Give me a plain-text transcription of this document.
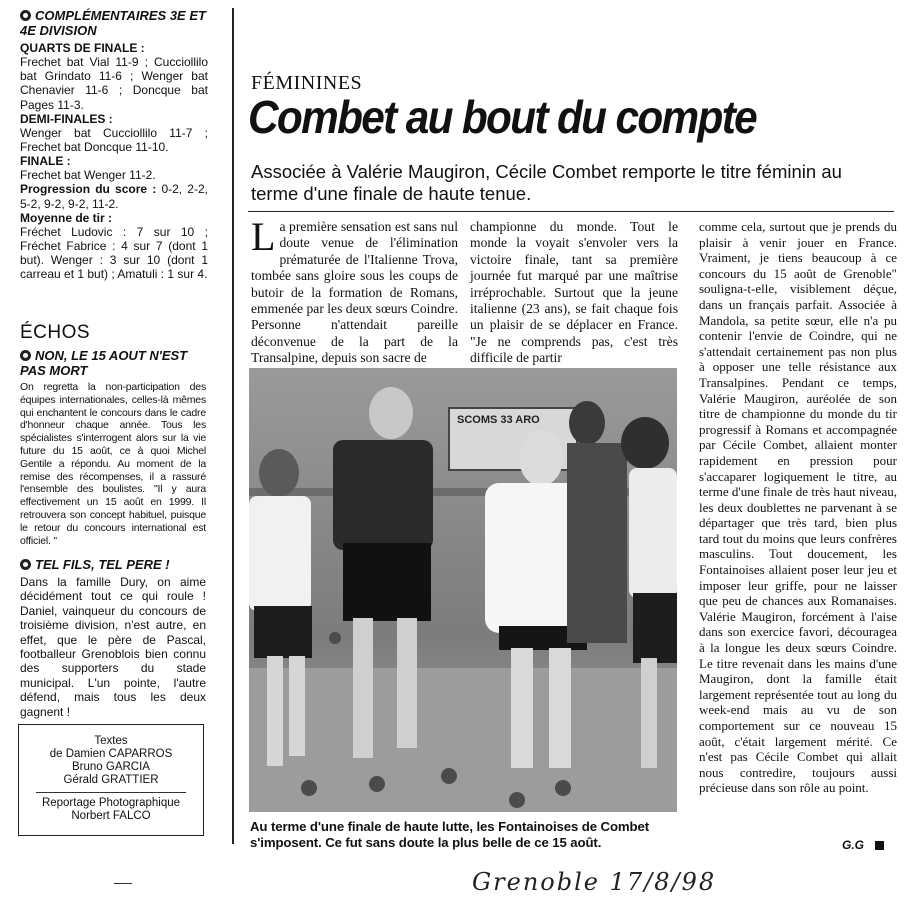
COMPLÉMENTAIRES 3E ET 4E DIVISION
QUARTS DE FINALE :
Frechet bat Vial 11-9 ; Cucciollilo bat Grindato 11-6 ; Wenger bat Chenavier 11-6 ; Doncque bat Pages 11-3.
DEMI-FINALES :
Wenger bat Cucciollilo 11-7 ; Frechet bat Doncque 11-10.
FINALE :
Frechet bat Wenger 11-2.
Progression du score : 0-2, 2-2, 5-2, 9-2, 9-2, 11-2.
Moyenne de tir :
Fréchet Ludovic : 7 sur 10 ; Fréchet Fabrice : 4 sur 7 (dont 1 but). Wenger : 3 sur 10 (dont 1 carreau et 1 but) ; Amatuli : 1 sur 4.
ÉCHOS
NON, LE 15 AOUT N'EST PAS MORT
On regretta la non-participation des équipes internationales, celles-là mêmes qui enchantent le concours dans le cadre d'honneur chaque année. Tous les spécialistes s'interrogent alors sur la vie future du 15 août, ce à quoi Michel Gentile a répondu. Au moment de la remise des récompenses, il a rassuré l'ensemble des boulistes. "Il y aura effectivement un 15 août en 1999. Il retrouvera son concept habituel, puisque le retour du concours international est officiel. "
TEL FILS, TEL PERE !
Dans la famille Dury, on aime décidément tout ce qui roule ! Daniel, vainqueur du concours de troisième division, n'est autre, en effet, que le père de Pascal, footballeur Grenoblois bien connu des supporters du stade municipal. L'un pointe, l'autre défend, mais tous les deux gagnent !
Textes
de Damien CAPARROS
Bruno GARCIA
Gérald GRATTIER
Reportage Photographique
Norbert FALCO
FÉMININES
Combet au bout du compte
Associée à Valérie Maugiron, Cécile Combet remporte le titre féminin au terme d'une finale de haute tenue.
La première sensation est sans nul doute venue de l'élimination prématurée de l'Italienne Trova, tombée sans gloire sous les coups de butoir de la formation de Romans, emmenée par les deux sœurs Coindre. Personne n'attendait pareille déconvenue de la part de la Transalpine, depuis son sacre de
championne du monde. Tout le monde la voyait s'envoler vers la victoire finale, tant sa première journée fut marqué par une maîtrise irréprochable. Surtout que la jeune italienne (23 ans), se fait chaque fois un plaisir de se déplacer en France. "Je ne comprends pas, c'est très difficile de partir
comme cela, surtout que je prends du plaisir à venir jouer en France. Vraiment, je tiens beaucoup à ce concours du 15 août de Grenoble" souligna-t-elle, visiblement déçue, dans un français parfait. Associée à Mandola, sa petite sœur, elle n'a pu contenir l'envie de Coindre, qui ne s'attendait certainement pas non plus à opposer une telle résistance aux Transalpines. Pendant ce temps, Valérie Maugiron, auréolée de son titre de championne du monde du tir progressif à Romans et accompagnée par Cécile Combet, allaient monter rapidement en pression pour s'accaparer logiquement le titre, au terme d'une finale de très haut niveau, les deux doublettes ne parvenant à se départager que très tard, bien plus tard tout du moins que leurs confrères masculins. Tout doucement, les Fontainoises allaient poser leur jeu et imposer leur griffe, pour ne laisser que peu de chances aux Romanaises. Valérie Maugiron, forcément à l'aise dans son exercice favori, découragea à la longue les deux sœurs Coindre. Le titre revenait dans les mains d'une Maugiron, dont la famille était largement représentée tout au long du week-end mais au vu de son comportement sur ce nouveau 15 août, c'était largement mérité. Ce n'est pas Cécile Combet qui allait nous contredire, toujours aussi précieuse dans son rôle au point.
SCOMS 33 ARO
Au terme d'une finale de haute lutte, les Fontainoises de Combet s'imposent. Ce fut sans doute la plus belle de ce 15 août.	G.G
—	Grenoble 17/8/98
